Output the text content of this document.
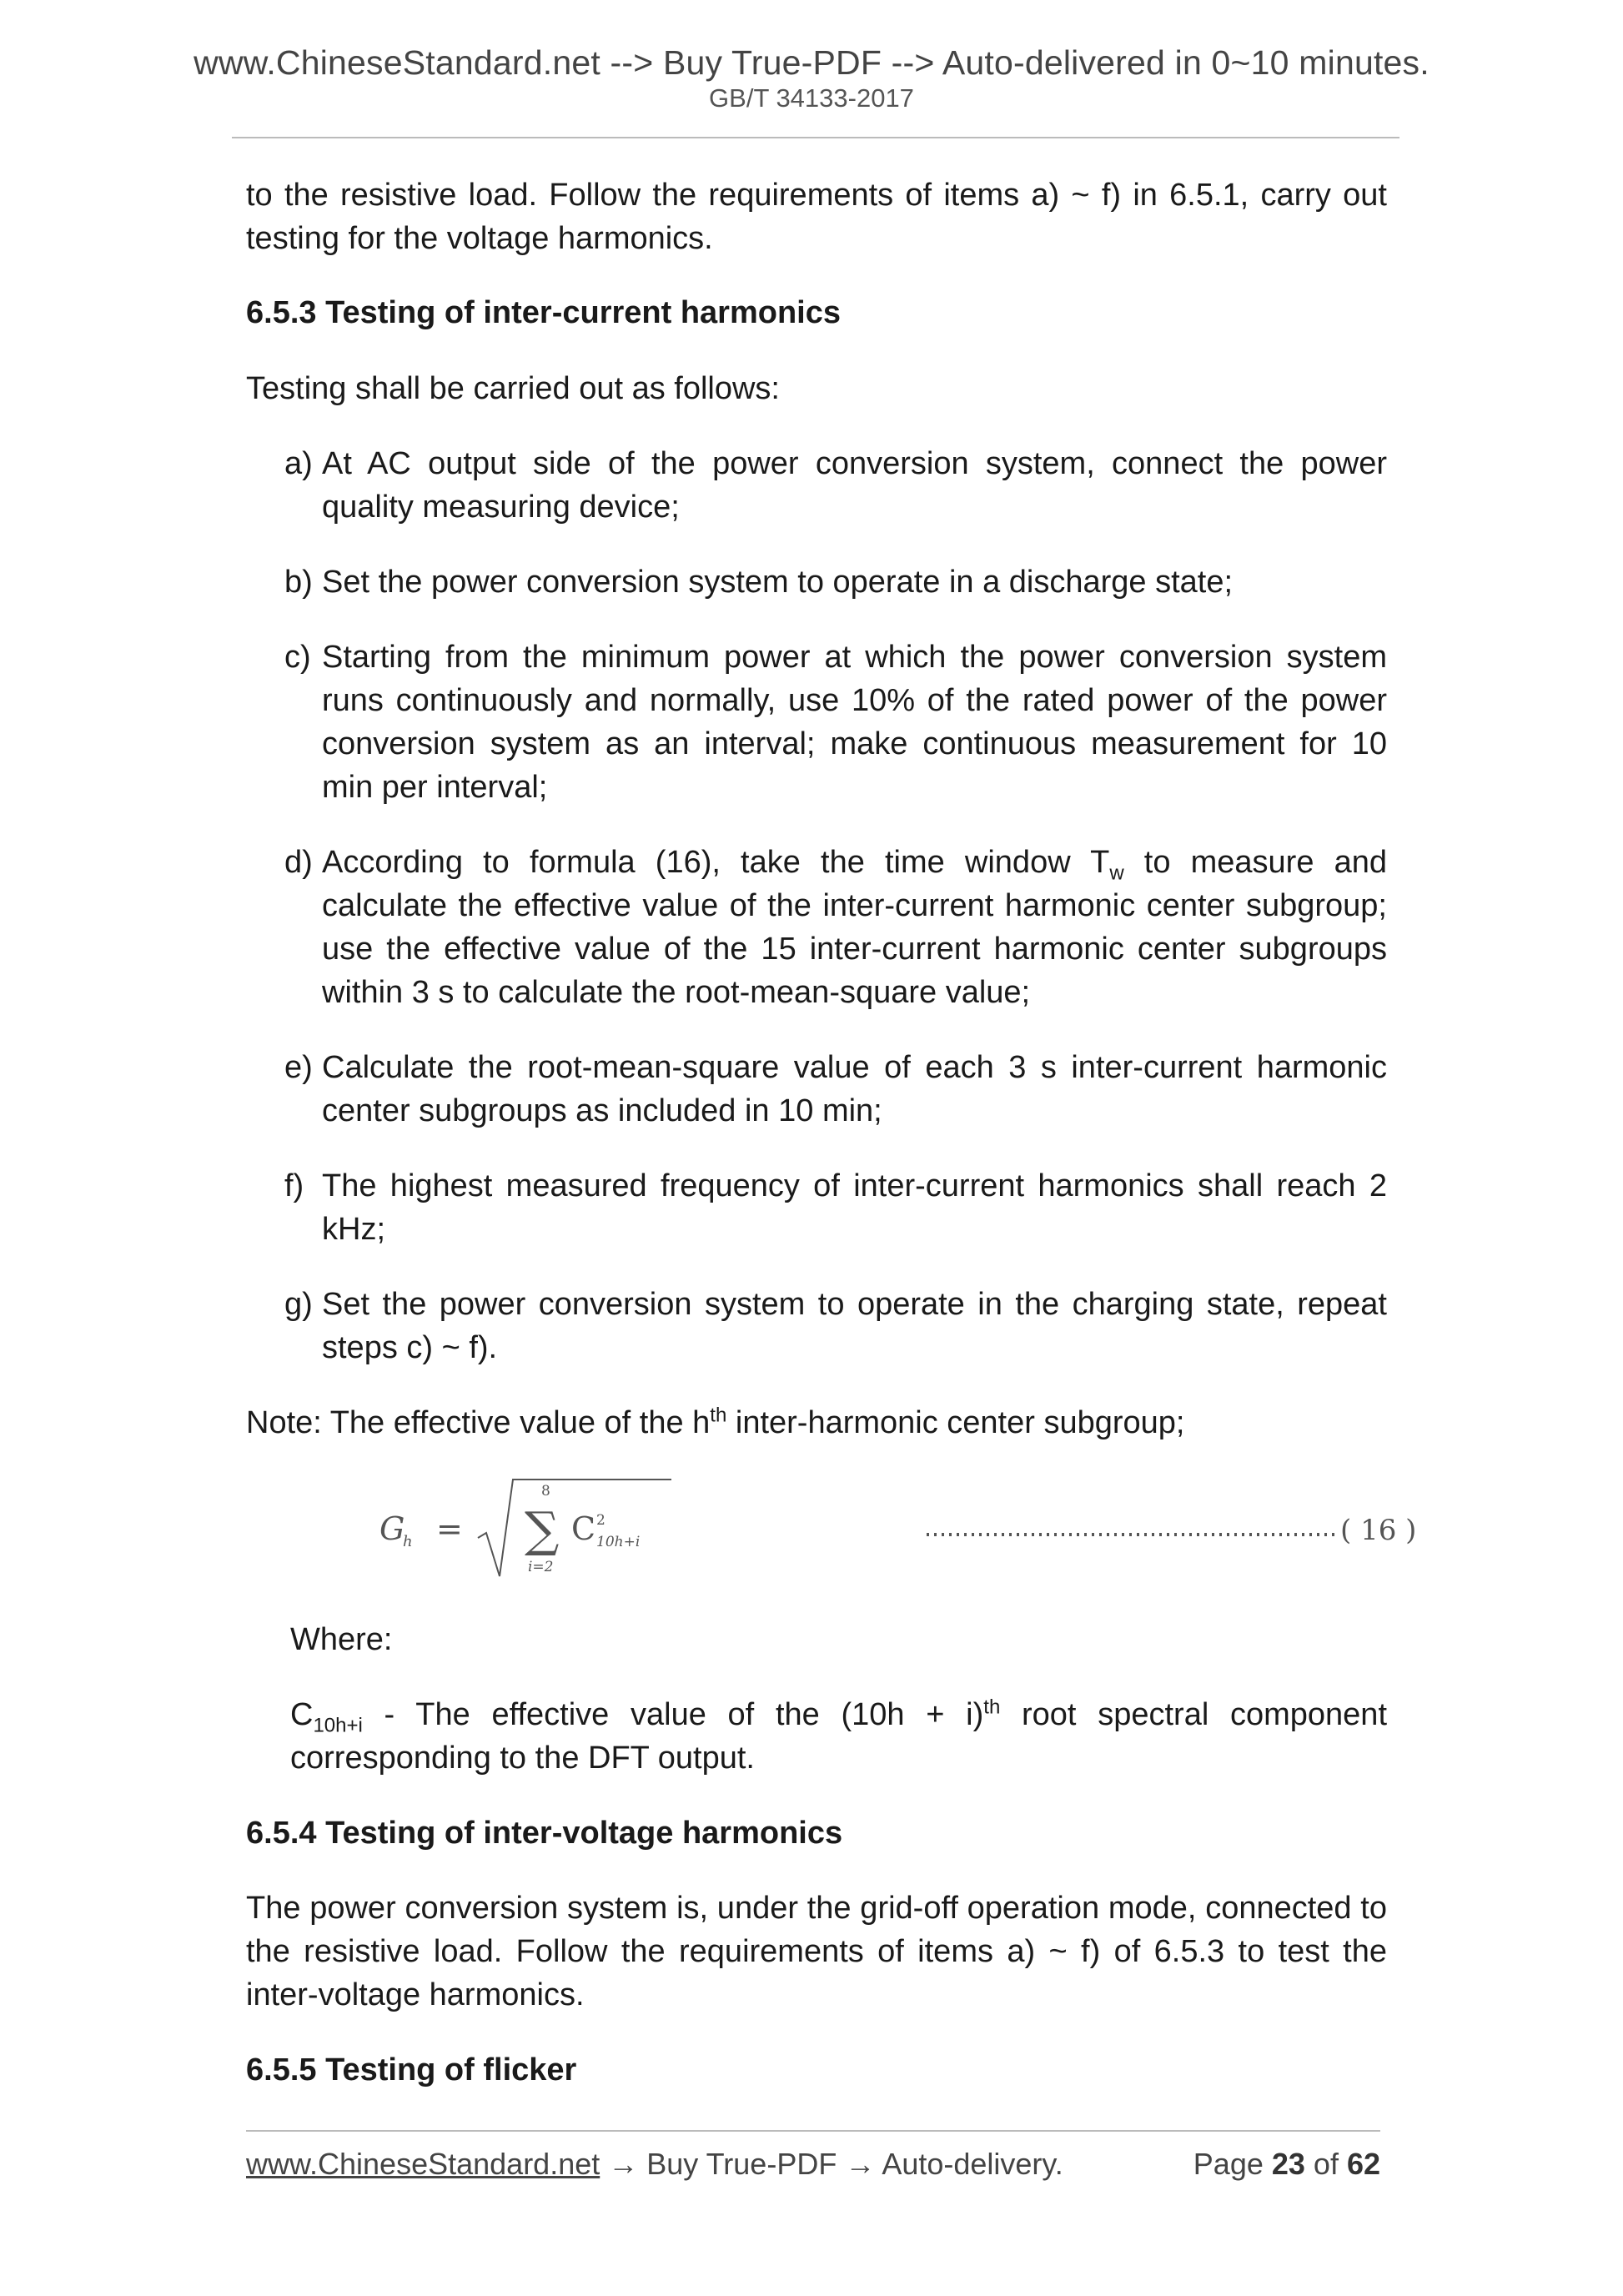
www.ChineseStandard.net --> Buy True-PDF --> Auto-delivered in 0~10 minutes.
GB/T 34133-2017

to the resistive load. Follow the requirements of items a) ~ f) in 6.5.1, carry out testing for the voltage harmonics.

6.5.3 Testing of inter-current harmonics

Testing shall be carried out as follows:

a) At AC output side of the power conversion system, connect the power quality measuring device;
b) Set the power conversion system to operate in a discharge state;
c) Starting from the minimum power at which the power conversion system runs continuously and normally, use 10% of the rated power of the power conversion system as an interval; make continuous measurement for 10 min per interval;
d) According to formula (16), take the time window $T_w$ to measure and calculate the effective value of the inter-current harmonic center subgroup; use the effective value of the 15 inter-current harmonic center subgroups within 3 s to calculate the root-mean-square value;
e) Calculate the root-mean-square value of each 3 s inter-current harmonic center subgroups as included in 10 min;
f) The highest measured frequency of inter-current harmonics shall reach 2 kHz;
g) Set the power conversion system to operate in the charging state, repeat steps c) ~ f).

Note: The effective value of the $h^{th}$ inter-harmonic center subgroup;

G
h =
8
∑
i=2
C 2
10h+i	( 16 )

Where:

$C_{10h+i}$ - The effective value of the $(10h + i)^{th}$ root spectral component corresponding to the DFT output.

6.5.4 Testing of inter-voltage harmonics

The power conversion system is, under the grid-off operation mode, connected to the resistive load. Follow the requirements of items a) ~ f) of 6.5.3 to test the inter-voltage harmonics.

6.5.5 Testing of flicker

www.ChineseStandard.net → Buy True-PDF → Auto-delivery.	Page 23 of 62
